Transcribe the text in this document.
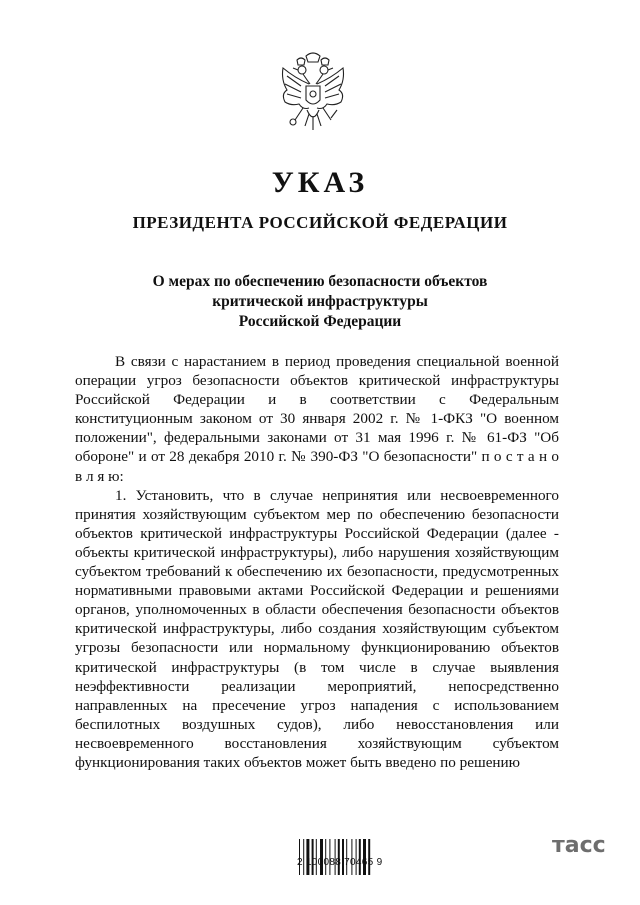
УКАЗ
ПРЕЗИДЕНТА РОССИЙСКОЙ ФЕДЕРАЦИИ
О мерах по обеспечению безопасности объектов
критической инфраструктуры
Российской Федерации

В связи с нарастанием в период проведения специальной военной операции угроз безопасности объектов критической инфраструктуры Российской Федерации и в соответствии с Федеральным конституционным законом от 30 января 2002 г. № 1-ФКЗ "О военном положении", федеральными законами от 31 мая 1996 г. № 61-ФЗ "Об обороне" и от 28 декабря 2010 г. № 390-ФЗ "О безопасности" п о с т а н о в л я ю:

1. Установить, что в случае непринятия или несвоевременного принятия хозяйствующим субъектом мер по обеспечению безопасности объектов критической инфраструктуры Российской Федерации (далее - объекты критической инфраструктуры), либо нарушения хозяйствующим субъектом требований к обеспечению их безопасности, предусмотренных нормативными правовыми актами Российской Федерации и решениями органов, уполномоченных в области обеспечения безопасности объектов критической инфраструктуры, либо создания хозяйствующим субъектом угрозы безопасности или нормальному функционированию объектов критической инфраструктуры (в том числе в случае выявления неэффективности реализации мероприятий, непосредственно направленных на пресечение угроз нападения с использованием беспилотных воздушных судов), либо невосстановления или несвоевременного восстановления хозяйствующим субъектом функционирования таких объектов может быть введено по решению

2 100088 70465 9
тасс
